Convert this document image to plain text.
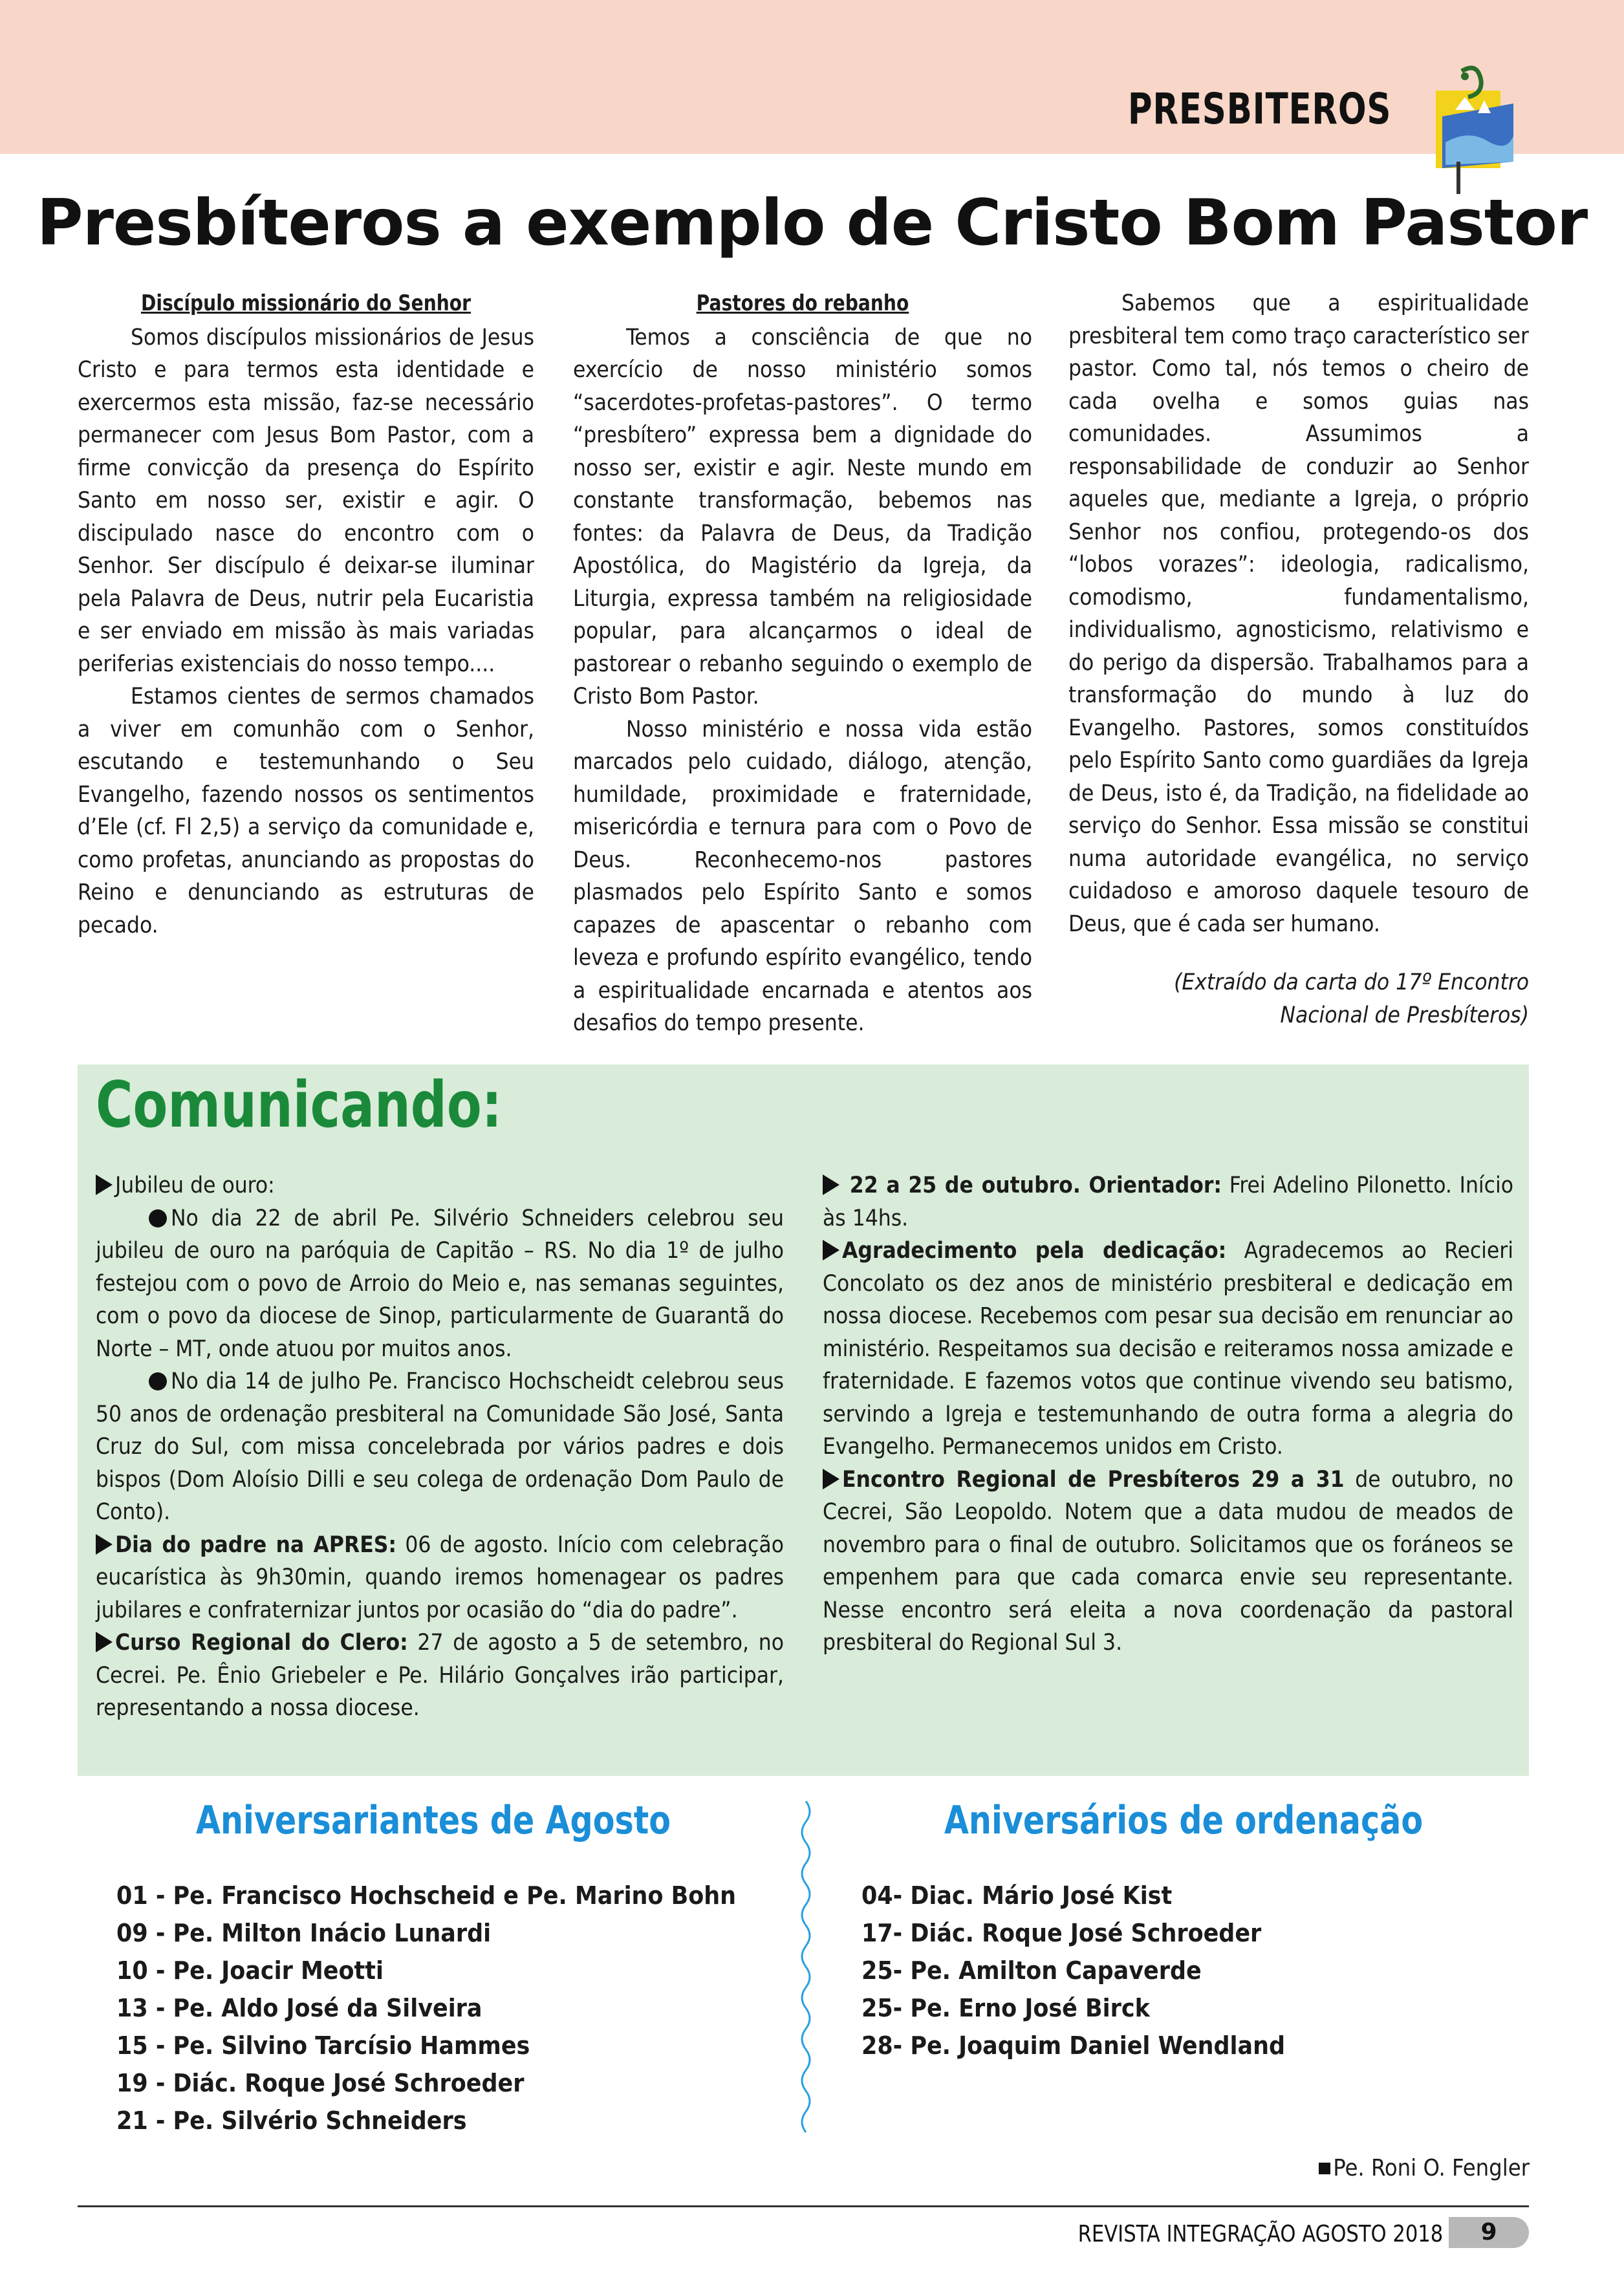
PRESBITEROS
Presbíteros a exemplo de Cristo Bom Pastor

Discípulo missionário do Senhor

Somos discípulos missionários de Jesus Cristo e para termos esta identidade e exercermos esta missão, faz-se necessário permanecer com Jesus Bom Pastor, com a firme convicção da presença do Espírito Santo em nosso ser, existir e agir. O discipulado nasce do encontro com o Senhor. Ser discípulo é deixar-se iluminar pela Palavra de Deus, nutrir pela Eucaristia e ser enviado em missão às mais variadas periferias existenciais do nosso tempo....

Estamos cientes de sermos chamados a viver em comunhão com o Senhor, escutando e testemunhando o Seu Evangelho, fazendo nossos os sentimentos d’Ele (cf. Fl 2,5) a serviço da comunidade e, como profetas, anunciando as propostas do Reino e denunciando as estruturas de pecado.

Pastores do rebanho

Temos a consciência de que no exercício de nosso ministério somos “sacerdotes-profetas-pastores”. O termo “presbítero” expressa bem a dignidade do nosso ser, existir e agir. Neste mundo em constante transformação, bebemos nas fontes: da Palavra de Deus, da Tradição Apostólica, do Magistério da Igreja, da Liturgia, expressa também na religiosidade popular, para alcançarmos o ideal de pastorear o rebanho seguindo o exemplo de Cristo Bom Pastor.

Nosso ministério e nossa vida estão marcados pelo cuidado, diálogo, atenção, humildade, proximidade e fraternidade, misericórdia e ternura para com o Povo de Deus. Reconhecemo-nos pastores plasmados pelo Espírito Santo e somos capazes de apascentar o rebanho com leveza e profundo espírito evangélico, tendo a espiritualidade encarnada e atentos aos desafios do tempo presente.

Sabemos que a espiritualidade presbiteral tem como traço característico ser pastor. Como tal, nós temos o cheiro de cada ovelha e somos guias nas comunidades. Assumimos a responsabilidade de conduzir ao Senhor aqueles que, mediante a Igreja, o próprio Senhor nos confiou, protegendo-os dos “lobos vorazes”: ideologia, radicalismo, comodismo, fundamentalismo, individualismo, agnosticismo, relativismo e do perigo da dispersão. Trabalhamos para a transformação do mundo à luz do Evangelho. Pastores, somos constituídos pelo Espírito Santo como guardiães da Igreja de Deus, isto é, da Tradição, na fidelidade ao serviço do Senhor. Essa missão se constitui numa autoridade evangélica, no serviço cuidadoso e amoroso daquele tesouro de Deus, que é cada ser humano.

(Extraído da carta do 17º Encontro
Nacional de Presbíteros)

Comunicando:

Jubileu de ouro:

No dia 22 de abril Pe. Silvério Schneiders celebrou seu jubileu de ouro na paróquia de Capitão – RS. No dia 1º de julho festejou com o povo de Arroio do Meio e, nas semanas seguintes, com o povo da diocese de Sinop, particularmente de Guarantã do Norte – MT, onde atuou por muitos anos.

No dia 14 de julho Pe. Francisco Hochscheidt celebrou seus 50 anos de ordenação presbiteral na Comunidade São José, Santa Cruz do Sul, com missa concelebrada por vários padres e dois bispos (Dom Aloísio Dilli e seu colega de ordenação Dom Paulo de Conto).

Dia do padre na APRES: 06 de agosto. Início com celebração eucarística às 9h30min, quando iremos homenagear os padres jubilares e confraternizar juntos por ocasião do “dia do padre”.

Curso Regional do Clero: 27 de agosto a 5 de setembro, no Cecrei. Pe. Ênio Griebeler e Pe. Hilário Gonçalves irão participar, representando a nossa diocese.

22 a 25 de outubro. Orientador: Frei Adelino Pilonetto. Início às 14hs.

Agradecimento pela dedicação: Agradecemos ao Recieri Concolato os dez anos de ministério presbiteral e dedicação em nossa diocese. Recebemos com pesar sua decisão em renunciar ao ministério. Respeitamos sua decisão e reiteramos nossa amizade e fraternidade. E fazemos votos que continue vivendo seu batismo, servindo a Igreja e testemunhando de outra forma a alegria do Evangelho. Permanecemos unidos em Cristo.

Encontro Regional de Presbíteros 29 a 31 de outubro, no Cecrei, São Leopoldo. Notem que a data mudou de meados de novembro para o final de outubro. Solicitamos que os foráneos se empenhem para que cada comarca envie seu representante. Nesse encontro será eleita a nova coordenação da pastoral presbiteral do Regional Sul 3.

Aniversariantes de Agosto	Aniversários de ordenação
01 - Pe. Francisco Hochscheid e Pe. Marino Bohn
09 - Pe. Milton Inácio Lunardi
10 - Pe. Joacir Meotti
13 - Pe. Aldo José da Silveira
15 - Pe. Silvino Tarcísio Hammes
19 - Diác. Roque José Schroeder
21 - Pe. Silvério Schneiders
04- Diac. Mário José Kist
17- Diác. Roque José Schroeder
25- Pe. Amilton Capaverde
25- Pe. Erno José Birck
28- Pe. Joaquim Daniel Wendland
Pe. Roni O. Fengler
REVISTA INTEGRAÇÃO AGOSTO 2018	9
